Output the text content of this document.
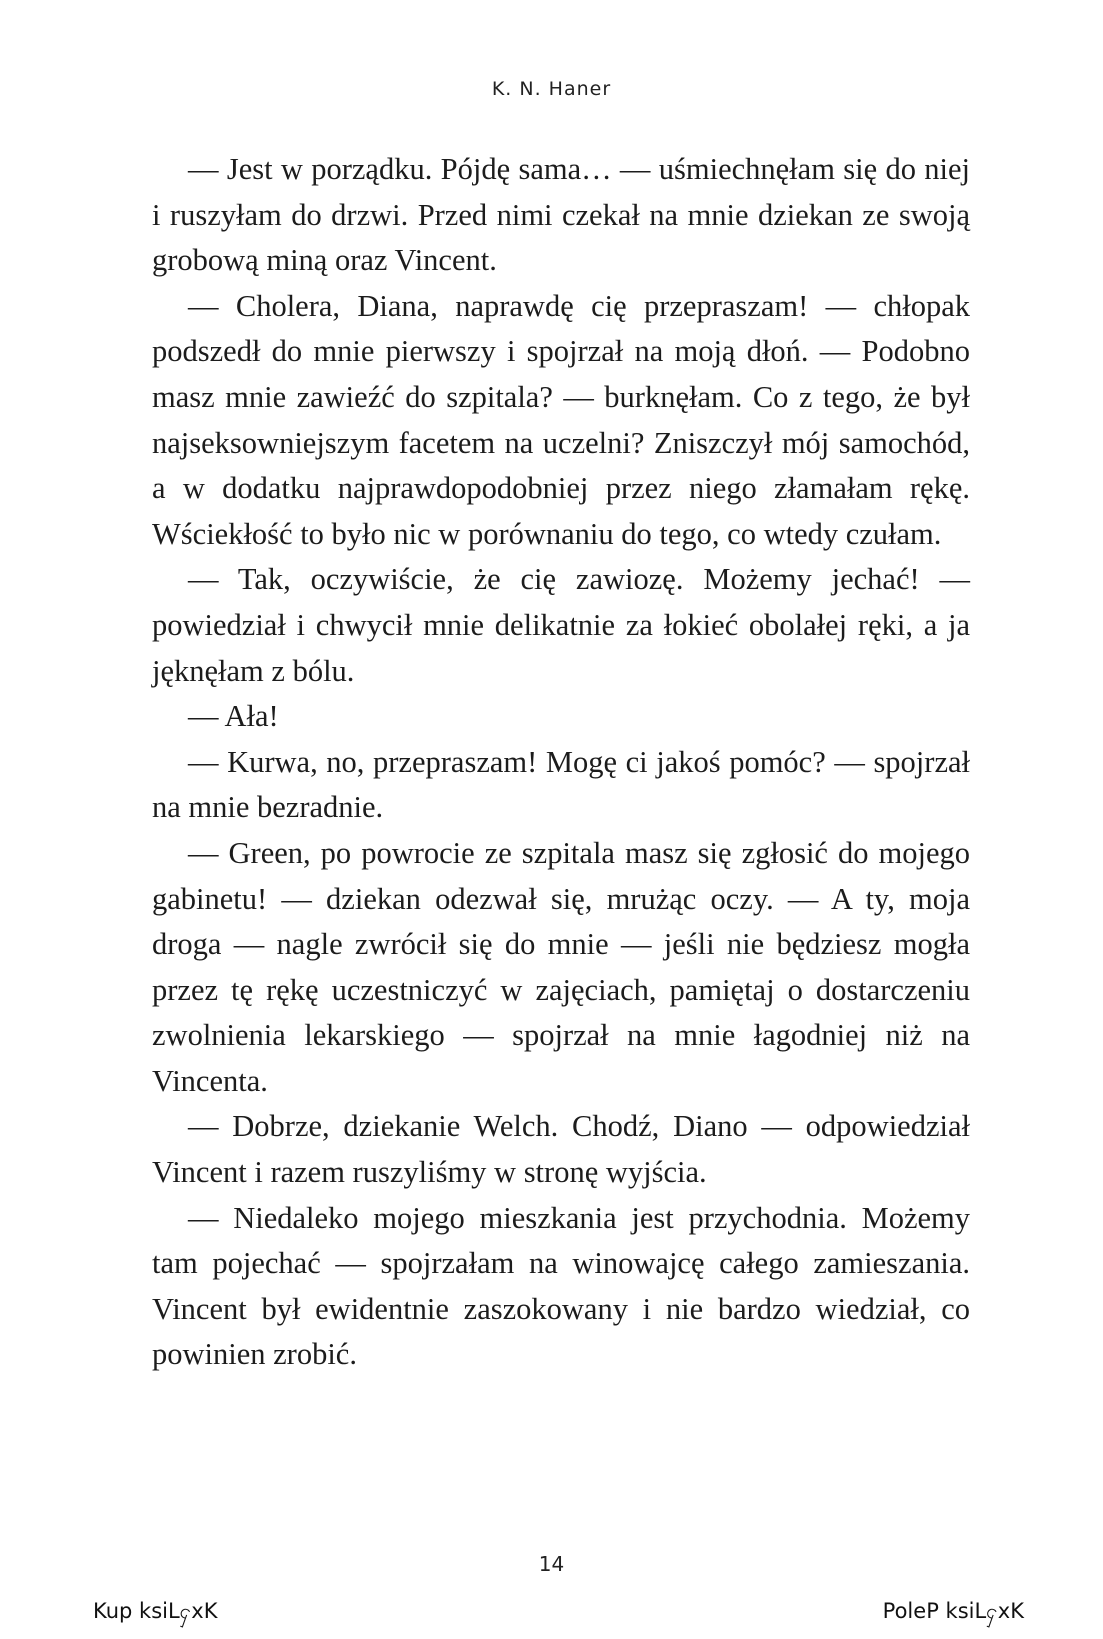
K. N. Haner

— Jest w porządku. Pójdę sama… — uśmiechnęłam się do niej i ruszyłam do drzwi. Przed nimi czekał na mnie dziekan ze swoją grobową miną oraz Vincent.

— Cholera, Diana, naprawdę cię przepraszam! — chłopak podszedł do mnie pierwszy i spojrzał na moją dłoń. — Podobno masz mnie zawieźć do szpitala? — burknęłam. Co z tego, że był najseksowniejszym facetem na uczelni? Zniszczył mój samochód, a w dodatku najprawdopodobniej przez niego złamałam rękę. Wściekłość to było nic w porównaniu do tego, co wtedy czułam.

— Tak, oczywiście, że cię zawiozę. Możemy jechać! — powiedział i chwycił mnie delikatnie za łokieć obolałej ręki, a ja jęknęłam z bólu.

— Ała!

— Kurwa, no, przepraszam! Mogę ci jakoś pomóc? — spojrzał na mnie bezradnie.

— Green, po powrocie ze szpitala masz się zgłosić do mojego gabinetu! — dziekan odezwał się, mrużąc oczy. — A ty, moja droga — nagle zwrócił się do mnie — jeśli nie będziesz mogła przez tę rękę uczestniczyć w zajęciach, pamiętaj o dostarczeniu zwolnienia lekarskiego — spojrzał na mnie łagodniej niż na Vincenta.

— Dobrze, dziekanie Welch. Chodź, Diano — odpowiedział Vincent i razem ruszyliśmy w stronę wyjścia.

— Niedaleko mojego mieszkania jest przychodnia. Możemy tam pojechać — spojrzałam na winowajcę całego zamieszania. Vincent był ewidentnie zaszokowany i nie bardzo wiedział, co powinien zrobić.

14
Kup ksiLႁxK	PoleP ksiLႁxK
